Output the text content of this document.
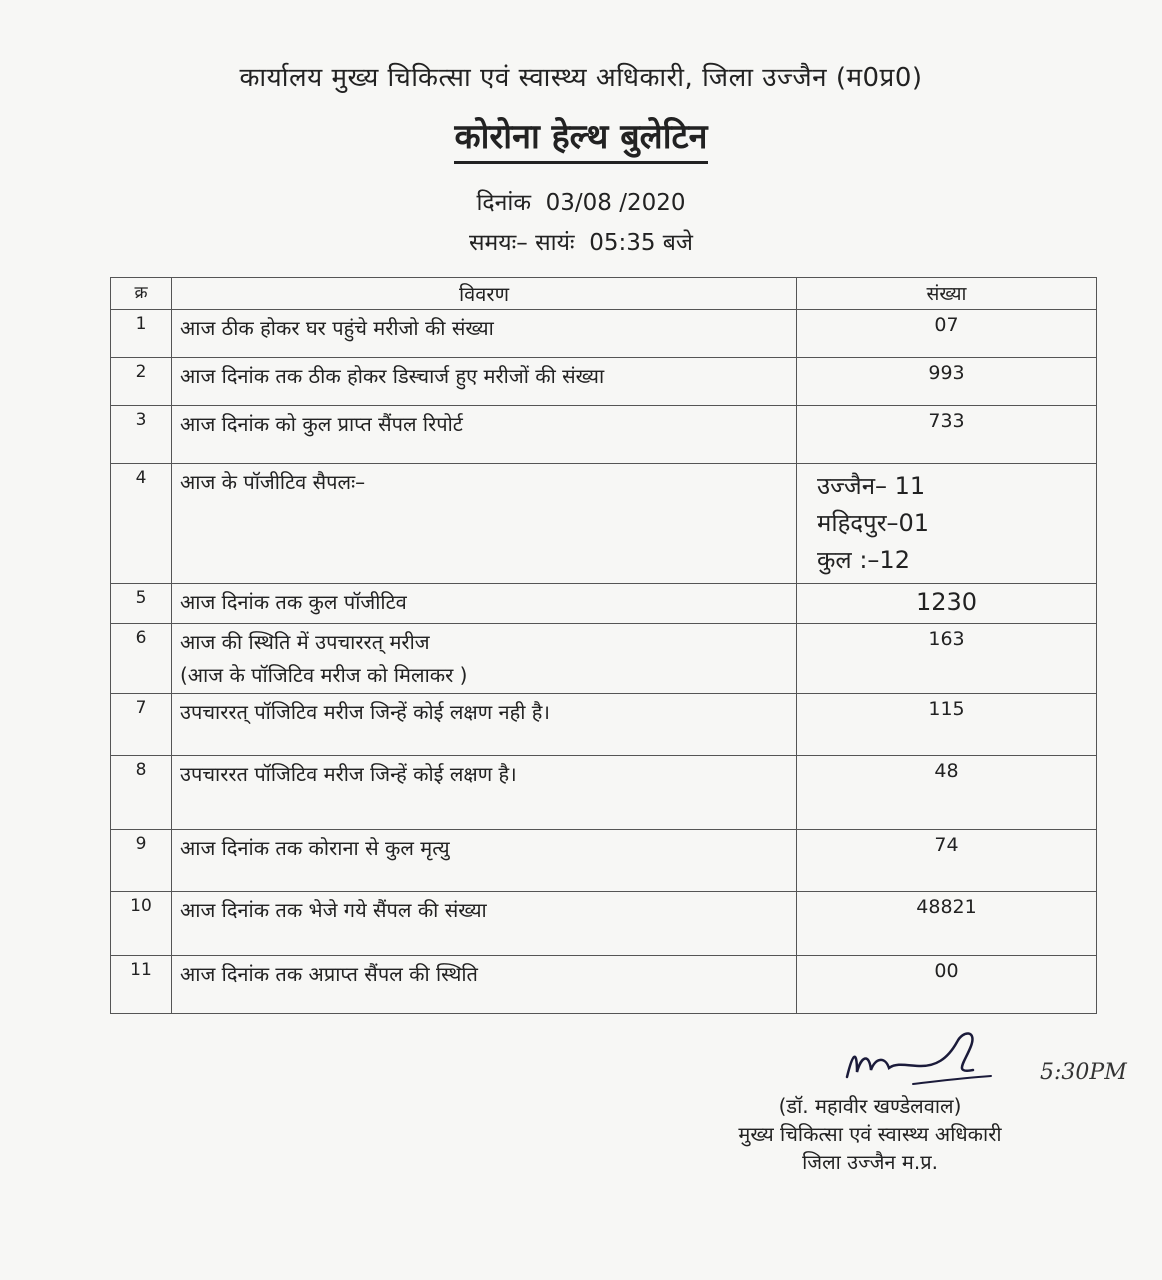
कार्यालय मुख्य चिकित्सा एवं स्वास्थ्य अधिकारी, जिला उज्जैन (म0प्र0)
कोरोना हेल्थ बुलेटिन
दिनांक 03/08 /2020
समयः– सायंः 05:35 बजे
क्र	विवरण	संख्या
1	आज ठीक होकर घर पहुंचे मरीजो की संख्या	07
2	आज दिनांक तक ठीक होकर डिस्चार्ज हुए मरीजों की संख्या	993
3	आज दिनांक को कुल प्राप्त सैंपल रिपोर्ट	733
4	आज के पॉजीटिव सैपलः–	उज्जैन– 11
महिदपुर–01
कुल :–12

5	आज दिनांक तक कुल पॉजीटिव	1230
6	आज की स्थिति में उपचाररत् मरीज
(आज के पॉजिटिव मरीज को मिलाकर )	163
7	उपचाररत् पॉजिटिव मरीज जिन्हें कोई लक्षण नही है।	115
8	उपचाररत पॉजिटिव मरीज जिन्हें कोई लक्षण है।	48
9	आज दिनांक तक कोराना से कुल मृत्यु	74
10	आज दिनांक तक भेजे गये सैंपल की संख्या	48821
11	आज दिनांक तक अप्राप्त सैंपल की स्थिति	00
5:30PM
(डॉ. महावीर खण्डेलवाल)
मुख्य चिकित्सा एवं स्वास्थ्य अधिकारी
जिला उज्जैन म.प्र.
